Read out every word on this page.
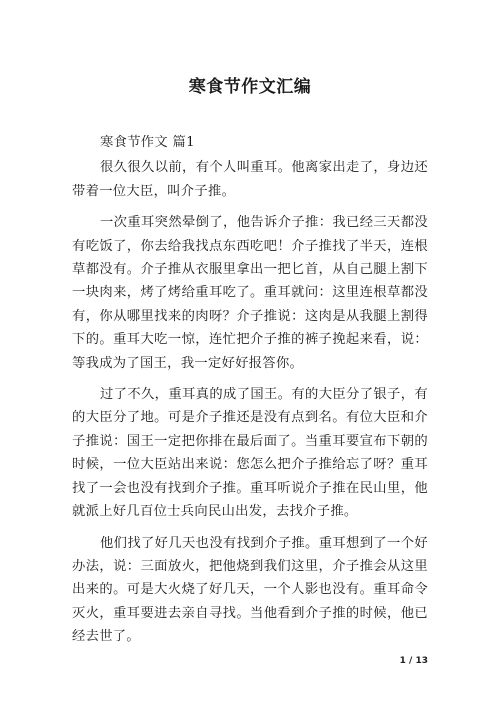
寒食节作文汇编

寒食节作文 篇1

很久很久以前，有个人叫重耳。他离家出走了，身边还带着一位大臣，叫介子推。

一次重耳突然晕倒了，他告诉介子推：我已经三天都没有吃饭了，你去给我找点东西吃吧！介子推找了半天，连根草都没有。介子推从衣服里拿出一把匕首，从自己腿上割下一块肉来，烤了烤给重耳吃了。重耳就问：这里连根草都没有，你从哪里找来的肉呀？介子推说：这肉是从我腿上割得下的。重耳大吃一惊，连忙把介子推的裤子挽起来看，说：等我成为了国王，我一定好好报答你。

过了不久，重耳真的成了国王。有的大臣分了银子，有的大臣分了地。可是介子推还是没有点到名。有位大臣和介子推说：国王一定把你排在最后面了。当重耳要宣布下朝的时候，一位大臣站出来说：您怎么把介子推给忘了呀？重耳找了一会也没有找到介子推。重耳听说介子推在民山里，他就派上好几百位士兵向民山出发，去找介子推。

他们找了好几天也没有找到介子推。重耳想到了一个好办法，说：三面放火，把他烧到我们这里，介子推会从这里出来的。可是大火烧了好几天，一个人影也没有。重耳命令灭火，重耳要进去亲自寻找。当他看到介子推的时候，他已经去世了。

1 / 13
